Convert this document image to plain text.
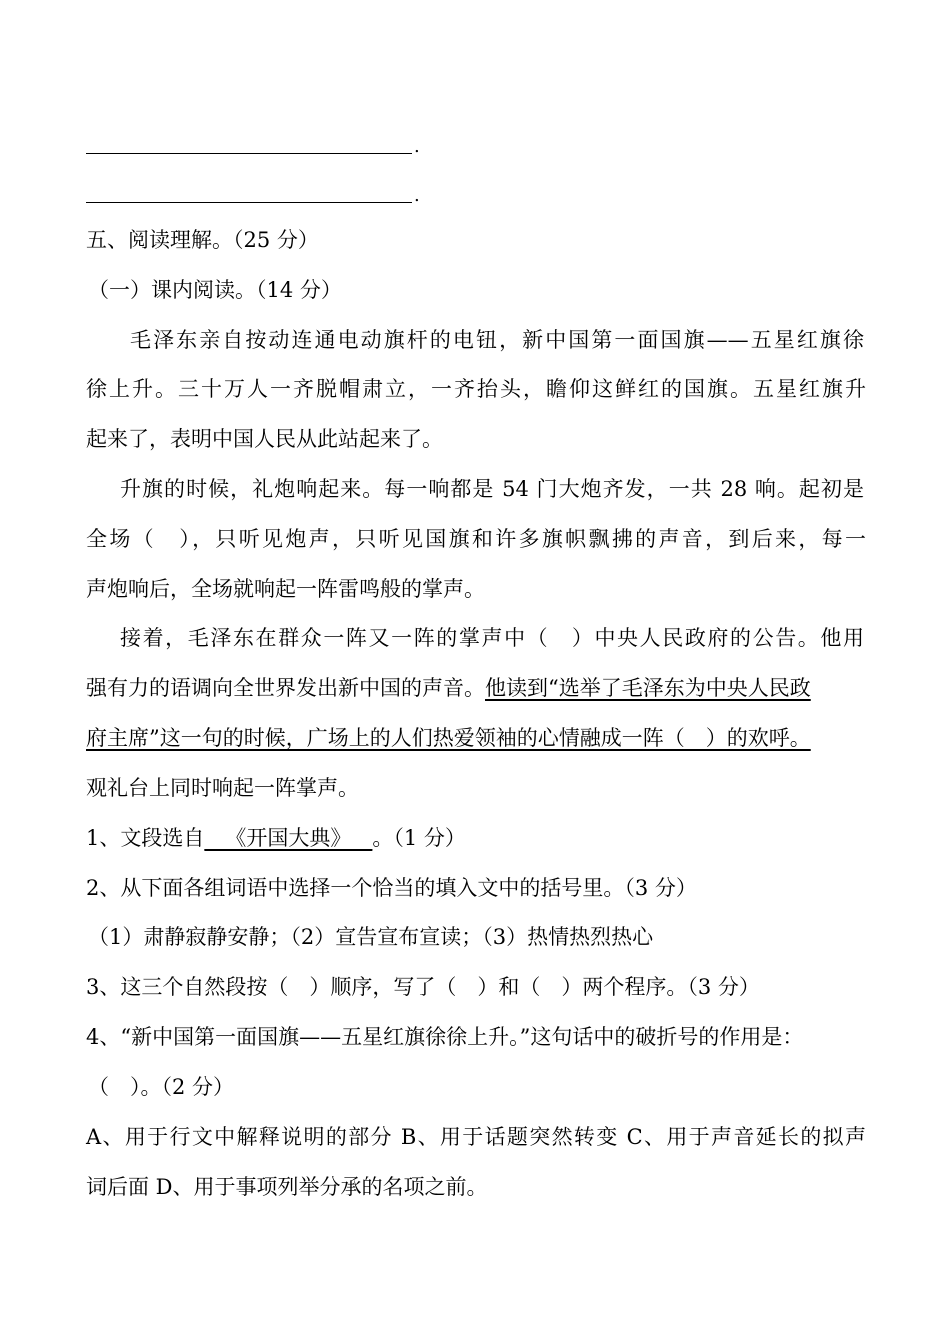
.
.
五、阅读理解。（25 分）
（一）课内阅读。（14 分）
毛泽东亲自按动连通电动旗杆的电钮，新中国第一面国旗——五星红旗徐
徐上升。三十万人一齐脱帽肃立，一齐抬头，瞻仰这鲜红的国旗。五星红旗升
起来了，表明中国人民从此站起来了。
升旗的时候，礼炮响起来。每一响都是 54 门大炮齐发，一共 28 响。起初是
全场（　），只听见炮声，只听见国旗和许多旗帜飘拂的声音，到后来，每一
声炮响后，全场就响起一阵雷鸣般的掌声。
接着，毛泽东在群众一阵又一阵的掌声中（　）中央人民政府的公告。他用
强有力的语调向全世界发出新中国的声音。他读到“选举了毛泽东为中央人民政
府主席”这一句的时候，广场上的人们热爱领袖的心情融成一阵（　）的欢呼。
观礼台上同时响起一阵掌声。
1、文段选自__《开国大典》__。（1 分）
2、从下面各组词语中选择一个恰当的填入文中的括号里。（3 分）
（1）肃静寂静安静；（2）宣告宣布宣读；（3）热情热烈热心
3、这三个自然段按（　）顺序，写了（　）和（　）两个程序。（3 分）
4、“新中国第一面国旗——五星红旗徐徐上升。”这句话中的破折号的作用是：
（　）。（2 分）
A、用于行文中解释说明的部分 B、用于话题突然转变 C、用于声音延长的拟声
词后面 D、用于事项列举分承的名项之前。
